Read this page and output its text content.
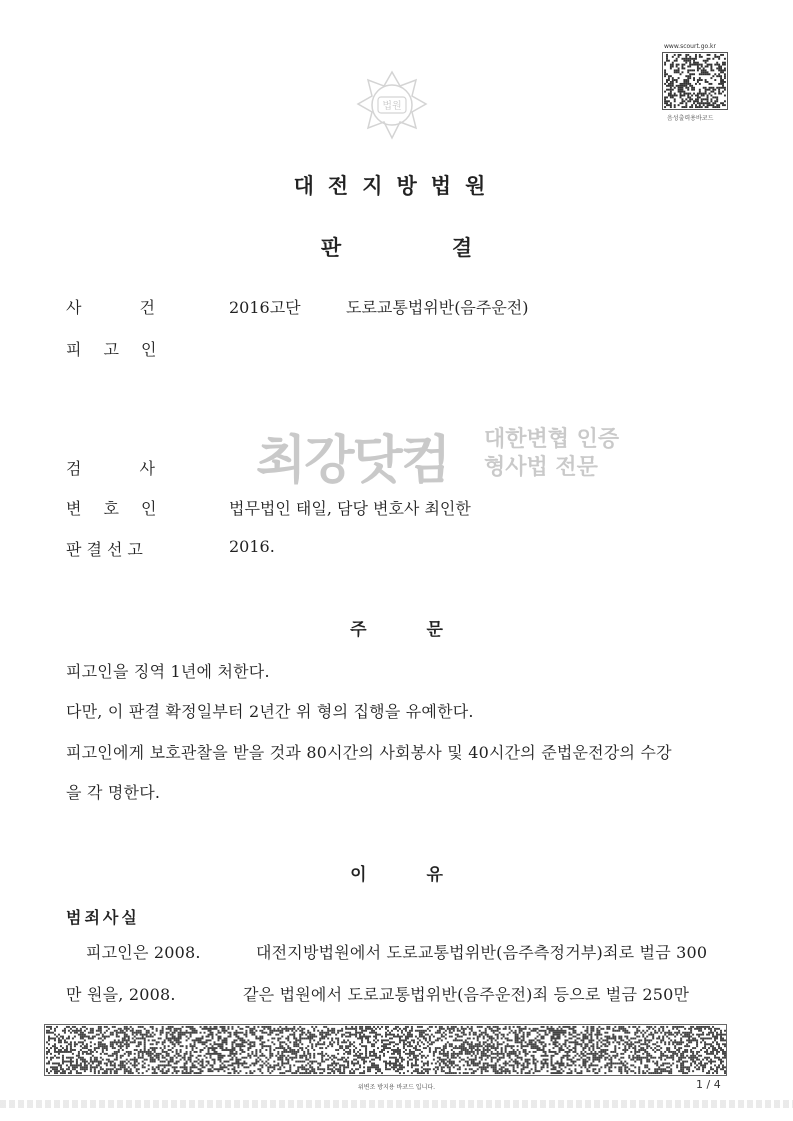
www.scourt.go.kr
음성출력용바코드
법원
대전지방법원
판	결
사	건	2016고단	도로교통법위반(음주운전)
피 고 인
최강닷컴 대한변협 인증
형사법 전문
검	사
변 호 인	법무법인 태일, 담당 변호사 최인한
판 결 선 고	2016.
주	문
피고인을 징역 1년에 처한다.
다만, 이 판결 확정일부터 2년간 위 형의 집행을 유예한다.
피고인에게 보호관찰을 받을 것과 80시간의 사회봉사 및 40시간의 준법운전강의 수강
을 각 명한다.
이	유
범죄사실
피고인은 2008.	대전지방법원에서 도로교통법위반(음주측정거부)죄로 벌금 300
만 원을, 2008.	같은 법원에서 도로교통법위반(음주운전)죄 등으로 벌금 250만
위변조 방지용 바코드 입니다.	1 / 4
